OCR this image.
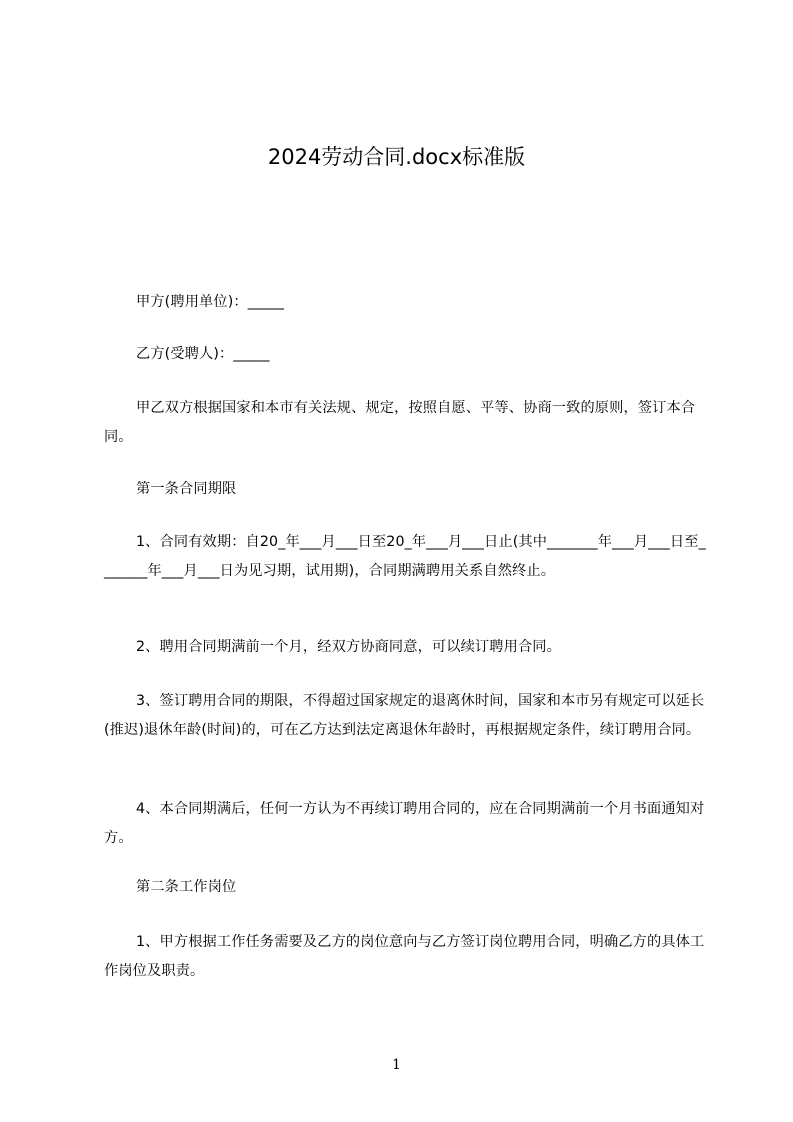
2024劳动合同.docx标准版
甲方(聘用单位)：_____
乙方(受聘人)：_____
甲乙双方根据国家和本市有关法规、规定，按照自愿、平等、协商一致的原则，签订本合同。
第一条合同期限
1、合同有效期：自20_年___月___日至20_年___月___日止(其中_______年___月___日至_______年___月___日为见习期，试用期)，合同期满聘用关系自然终止。
2、聘用合同期满前一个月，经双方协商同意，可以续订聘用合同。
3、签订聘用合同的期限，不得超过国家规定的退离休时间，国家和本市另有规定可以延长(推迟)退休年龄(时间)的，可在乙方达到法定离退休年龄时，再根据规定条件，续订聘用合同。
4、本合同期满后，任何一方认为不再续订聘用合同的，应在合同期满前一个月书面通知对方。
第二条工作岗位
1、甲方根据工作任务需要及乙方的岗位意向与乙方签订岗位聘用合同，明确乙方的具体工作岗位及职责。
1
